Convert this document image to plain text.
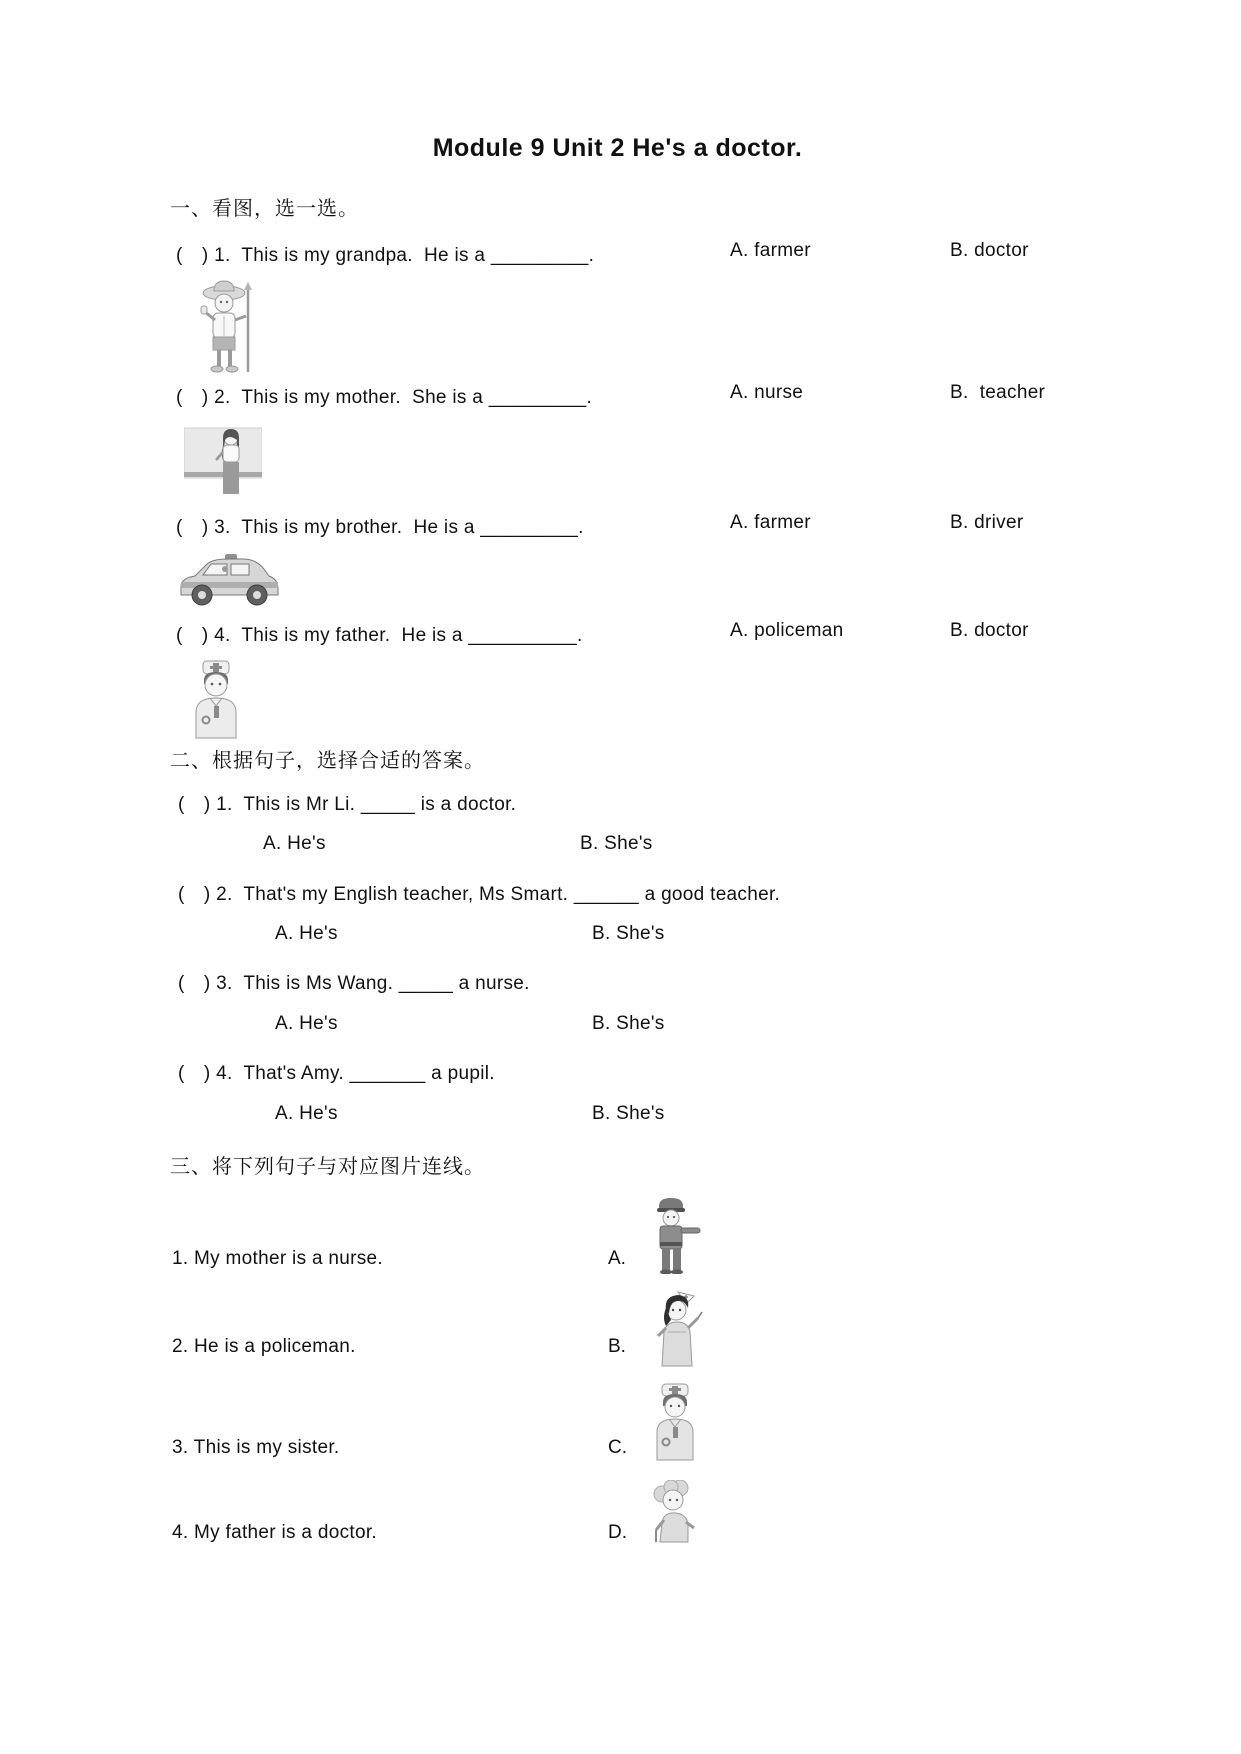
Module 9 Unit 2 He's a doctor.
一、看图，选一选。
(　) 1.  This is my grandpa.  He is a _________.	A. farmer	B. doctor
(　) 2.  This is my mother.  She is a _________.	A. nurse	B.  teacher
(　) 3.  This is my brother.  He is a _________.	A. farmer	B. driver
(　) 4.  This is my father.  He is a __________.	A. policeman	B. doctor
二、根据句子，选择合适的答案。
(　) 1.  This is Mr Li. _____ is a doctor.
A. He's	B. She's
(　) 2.  That's my English teacher, Ms Smart. ______ a good teacher.
A. He's	B. She's
(　) 3.  This is Ms Wang. _____ a nurse.
A. He's	B. She's
(　) 4.  That's Amy. _______ a pupil.
A. He's	B. She's
三、将下列句子与对应图片连线。
1. My mother is a nurse.	A.
2. He is a policeman.	B.
3. This is my sister.	C.
4. My father is a doctor.	D.
